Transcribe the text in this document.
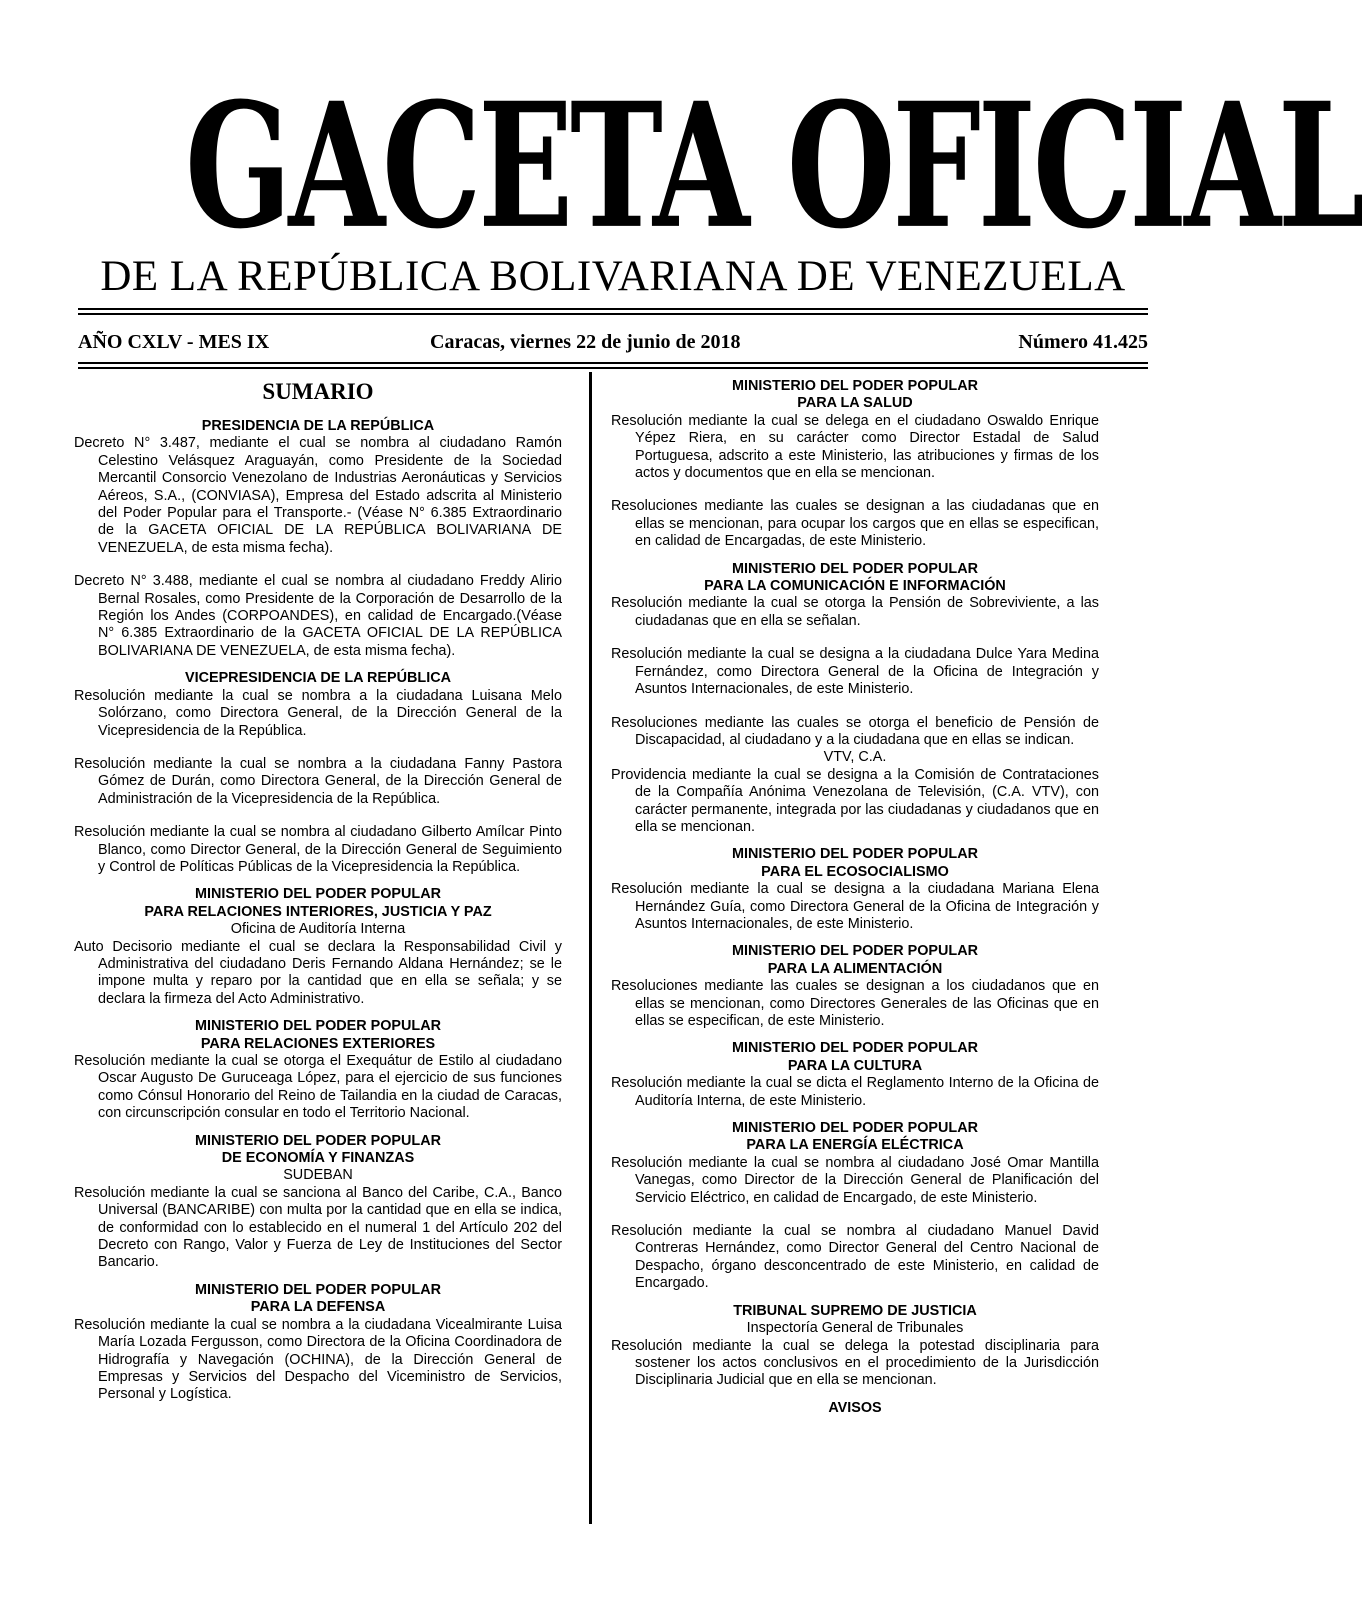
GACETA OFICIAL
DE LA REPÚBLICA BOLIVARIANA DE VENEZUELA
AÑO CXLV - MES IX	Caracas, viernes 22 de junio de 2018	Número 41.425
SUMARIO
PRESIDENCIA DE LA REPÚBLICA

Decreto N° 3.487, mediante el cual se nombra al ciudadano Ramón Celestino Velásquez Araguayán, como Presidente de la Sociedad Mercantil Consorcio Venezolano de Industrias Aeronáuticas y Servicios Aéreos, S.A., (CONVIASA), Empresa del Estado adscrita al Ministerio del Poder Popular para el Transporte.- (Véase N° 6.385 Extraordinario de la GACETA OFICIAL DE LA REPÚBLICA BOLIVARIANA DE VENEZUELA, de esta misma fecha).

Decreto N° 3.488, mediante el cual se nombra al ciudadano Freddy Alirio Bernal Rosales, como Presidente de la Corporación de Desarrollo de la Región los Andes (CORPOANDES), en calidad de Encargado.(Véase N° 6.385 Extraordinario de la GACETA OFICIAL DE LA REPÚBLICA BOLIVARIANA DE VENEZUELA, de esta misma fecha).

VICEPRESIDENCIA DE LA REPÚBLICA

Resolución mediante la cual se nombra a la ciudadana Luisana Melo Solórzano, como Directora General, de la Dirección General de la Vicepresidencia de la República.

Resolución mediante la cual se nombra a la ciudadana Fanny Pastora Gómez de Durán, como Directora General, de la Dirección General de Administración de la Vicepresidencia de la República.

Resolución mediante la cual se nombra al ciudadano Gilberto Amílcar Pinto Blanco, como Director General, de la Dirección General de Seguimiento y Control de Políticas Públicas de la Vicepresidencia la República.

MINISTERIO DEL PODER POPULAR
PARA RELACIONES INTERIORES, JUSTICIA Y PAZ
Oficina de Auditoría Interna

Auto Decisorio mediante el cual se declara la Responsabilidad Civil y Administrativa del ciudadano Deris Fernando Aldana Hernández; se le impone multa y reparo por la cantidad que en ella se señala; y se declara la firmeza del Acto Administrativo.

MINISTERIO DEL PODER POPULAR
PARA RELACIONES EXTERIORES

Resolución mediante la cual se otorga el Exequátur de Estilo al ciudadano Oscar Augusto De Guruceaga López, para el ejercicio de sus funciones como Cónsul Honorario del Reino de Tailandia en la ciudad de Caracas, con circunscripción consular en todo el Territorio Nacional.

MINISTERIO DEL PODER POPULAR
DE ECONOMÍA Y FINANZAS
SUDEBAN

Resolución mediante la cual se sanciona al Banco del Caribe, C.A., Banco Universal (BANCARIBE) con multa por la cantidad que en ella se indica, de conformidad con lo establecido en el numeral 1 del Artículo 202 del Decreto con Rango, Valor y Fuerza de Ley de Instituciones del Sector Bancario.

MINISTERIO DEL PODER POPULAR
PARA LA DEFENSA

Resolución mediante la cual se nombra a la ciudadana Vicealmirante Luisa María Lozada Fergusson, como Directora de la Oficina Coordinadora de Hidrografía y Navegación (OCHINA), de la Dirección General de Empresas y Servicios del Despacho del Viceministro de Servicios, Personal y Logística.

MINISTERIO DEL PODER POPULAR
PARA LA SALUD

Resolución mediante la cual se delega en el ciudadano Oswaldo Enrique Yépez Riera, en su carácter como Director Estadal de Salud Portuguesa, adscrito a este Ministerio, las atribuciones y firmas de los actos y documentos que en ella se mencionan.

Resoluciones mediante las cuales se designan a las ciudadanas que en ellas se mencionan, para ocupar los cargos que en ellas se especifican, en calidad de Encargadas, de este Ministerio.

MINISTERIO DEL PODER POPULAR
PARA LA COMUNICACIÓN E INFORMACIÓN

Resolución mediante la cual se otorga la Pensión de Sobreviviente, a las ciudadanas que en ella se señalan.

Resolución mediante la cual se designa a la ciudadana Dulce Yara Medina Fernández, como Directora General de la Oficina de Integración y Asuntos Internacionales, de este Ministerio.

Resoluciones mediante las cuales se otorga el beneficio de Pensión de Discapacidad, al ciudadano y a la ciudadana que en ellas se indican.

VTV, C.A.

Providencia mediante la cual se designa a la Comisión de Contrataciones de la Compañía Anónima Venezolana de Televisión, (C.A. VTV), con carácter permanente, integrada por las ciudadanas y ciudadanos que en ella se mencionan.

MINISTERIO DEL PODER POPULAR
PARA EL ECOSOCIALISMO

Resolución mediante la cual se designa a la ciudadana Mariana Elena Hernández Guía, como Directora General de la Oficina de Integración y Asuntos Internacionales, de este Ministerio.

MINISTERIO DEL PODER POPULAR
PARA LA ALIMENTACIÓN

Resoluciones mediante las cuales se designan a los ciudadanos que en ellas se mencionan, como Directores Generales de las Oficinas que en ellas se especifican, de este Ministerio.

MINISTERIO DEL PODER POPULAR
PARA LA CULTURA

Resolución mediante la cual se dicta el Reglamento Interno de la Oficina de Auditoría Interna, de este Ministerio.

MINISTERIO DEL PODER POPULAR
PARA LA ENERGÍA ELÉCTRICA

Resolución mediante la cual se nombra al ciudadano José Omar Mantilla Vanegas, como Director de la Dirección General de Planificación del Servicio Eléctrico, en calidad de Encargado, de este Ministerio.

Resolución mediante la cual se nombra al ciudadano Manuel David Contreras Hernández, como Director General del Centro Nacional de Despacho, órgano desconcentrado de este Ministerio, en calidad de Encargado.

TRIBUNAL SUPREMO DE JUSTICIA
Inspectoría General de Tribunales

Resolución mediante la cual se delega la potestad disciplinaria para sostener los actos conclusivos en el procedimiento de la Jurisdicción Disciplinaria Judicial que en ella se mencionan.

AVISOS
